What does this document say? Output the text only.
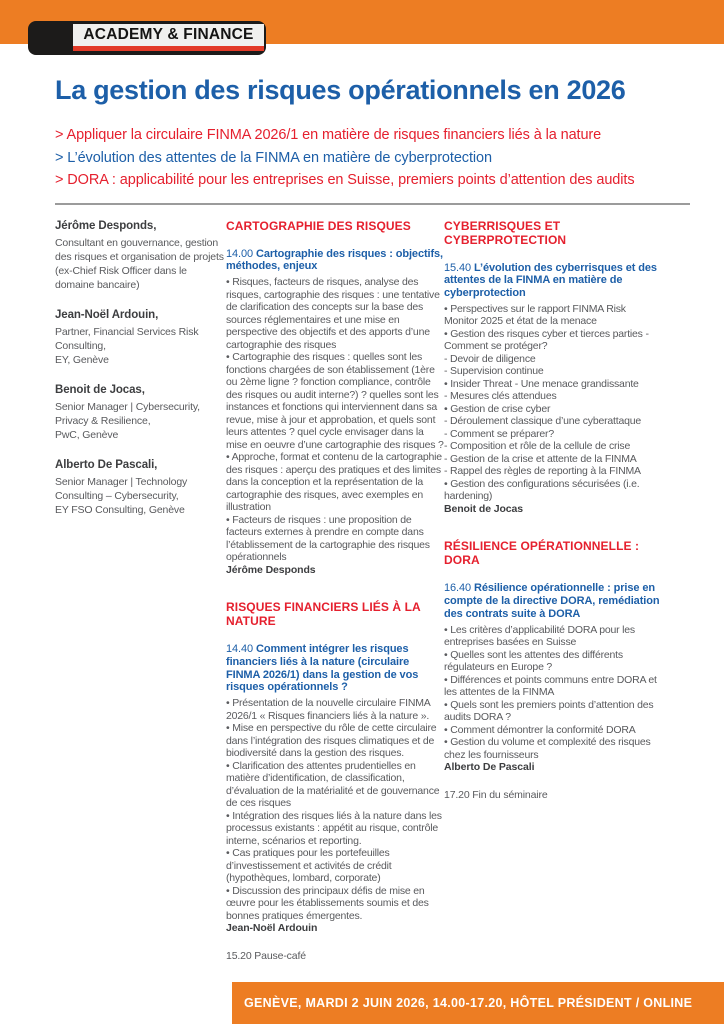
ACADEMY & FINANCE
La gestion des risques opérationnels en 2026
> Appliquer la circulaire FINMA 2026/1 en matière de risques financiers liés à la nature
> L’évolution des attentes de la FINMA en matière de cyberprotection
> DORA : applicabilité pour les entreprises en Suisse, premiers points d’attention des audits
Jérôme Desponds,
Consultant en gouvernance, gestion des risques et organisation de projets (ex-Chief Risk Officer dans le domaine bancaire)
Jean-Noël Ardouin,
Partner, Financial Services Risk Consulting,
EY, Genève
Benoit de Jocas,
Senior Manager | Cybersecurity, Privacy & Resilience,
PwC, Genève
Alberto De Pascali,
Senior Manager | Technology Consulting – Cybersecurity,
EY FSO Consulting, Genève
CARTOGRAPHIE DES RISQUES
14.00 Cartographie des risques : objectifs, méthodes, enjeux
• Risques, facteurs de risques, analyse des risques, cartographie des risques : une tentative de clarification des concepts sur la base des sources réglementaires et une mise en perspective des objectifs et des apports d’une cartographie des risques
• Cartographie des risques : quelles sont les fonctions chargées de son établissement (1ère ou 2ème ligne ? fonction compliance, contrôle des risques ou audit interne?) ? quelles sont les instances et fonctions qui interviennent dans sa revue, mise à jour et approbation, et quels sont leurs attentes ? quel cycle envisager dans la mise en oeuvre d’une cartographie des risques ?
• Approche, format et contenu de la cartographie des risques : aperçu des pratiques et des limites dans la conception et la représentation de la cartographie des risques, avec exemples en illustration
• Facteurs de risques : une proposition de facteurs externes à prendre en compte dans l’établissement de la cartographie des risques opérationnels
Jérôme Desponds
RISQUES FINANCIERS LIÉS À LA NATURE
14.40 Comment intégrer les risques financiers liés à la nature (circulaire FINMA 2026/1) dans la gestion de vos risques opérationnels ?
• Présentation de la nouvelle circulaire FINMA 2026/1 « Risques financiers liés à la nature ».
• Mise en perspective du rôle de cette circulaire dans l’intégration des risques climatiques et de biodiversité dans la gestion des risques.
• Clarification des attentes prudentielles en matière d’identification, de classification, d’évaluation de la matérialité et de gouvernance de ces risques
• Intégration des risques liés à la nature dans les processus existants : appétit au risque, contrôle interne, scénarios et reporting.
• Cas pratiques pour les portefeuilles d’investissement et activités de crédit (hypothèques, lombard, corporate)
• Discussion des principaux défis de mise en œuvre pour les établissements soumis et des bonnes pratiques émergentes.
Jean-Noël Ardouin
15.20 Pause-café
CYBERRISQUES ET CYBERPROTECTION
15.40 L’évolution des cyberrisques et des attentes de la FINMA en matière de cyberprotection
• Perspectives sur le rapport FINMA Risk Monitor 2025 et état de la menace
• Gestion des risques cyber et tierces parties - Comment se protéger?
- Devoir de diligence
- Supervision continue
• Insider Threat - Une menace grandissante
- Mesures clés attendues
• Gestion de crise cyber
- Déroulement classique d’une cyberattaque
- Comment se préparer?
- Composition et rôle de la cellule de crise
- Gestion de la crise et attente de la FINMA
- Rappel des règles de reporting à la FINMA
• Gestion des configurations sécurisées (i.e. hardening)
Benoit de Jocas
RÉSILIENCE OPÉRATIONNELLE : DORA
16.40 Résilience opérationnelle : prise en compte de la directive DORA, remédiation des contrats suite à DORA
• Les critères d’applicabilité DORA pour les entreprises basées en Suisse
• Quelles sont les attentes des différents régulateurs en Europe ?
• Différences et points communs entre DORA et les attentes de la FINMA
• Quels sont les premiers points d’attention des audits DORA ?
• Comment démontrer la conformité DORA
• Gestion du volume et complexité des risques chez les fournisseurs
Alberto De Pascali
17.20 Fin du séminaire
GENÈVE, MARDI 2 JUIN 2026, 14.00-17.20, HÔTEL PRÉSIDENT / ONLINE
